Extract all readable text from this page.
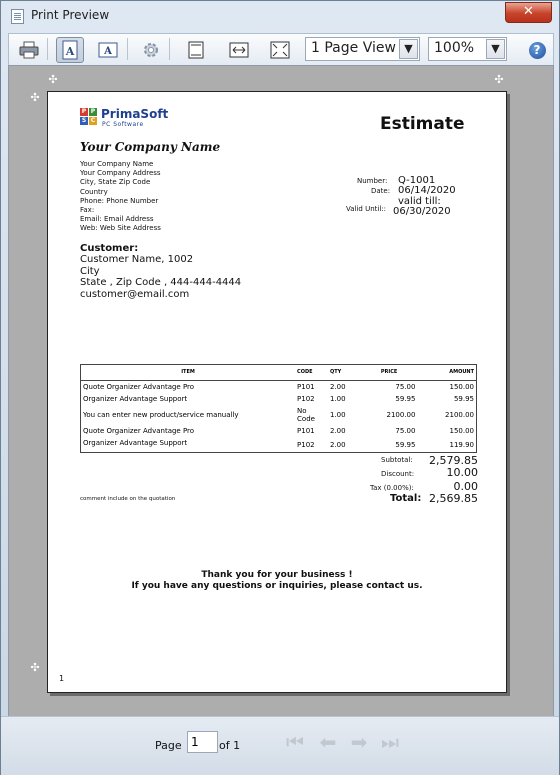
Print Preview	✕
A	A	1 Page View ▼	100%	▼	?
✣	✣
✣
✣
P P
S C PrimaSoft
PC Software	Estimate
Your Company Name
Your Company Name
Your Company Address
City, State Zip Code
Country
Phone: Phone Number
Fax:
Email: Email Address
Web: Web Site Address
Number: Q-1001
Date: 06/14/2020
Valid Until::
valid till:
06/30/2020
Customer:
Customer Name, 1002
City
State , Zip Code , 444-444-4444
customer@email.com
ITEM	CODE	QTY	PRICE	AMOUNT
Quote Organizer Advantage Pro	P101	2.00	75.00	150.00
Organizer Advantage Support	P102	1.00	59.95	59.95
You can enter new product/service manually	No Code	1.00	2100.00	2100.00
Quote Organizer Advantage Pro	P101	2.00	75.00	150.00
Organizer Advantage Support	P102	2.00	59.95	119.90
Subtotal: 2,579.85
Discount:	10.00
Tax (0.00%):	0.00
Total: 2,569.85
comment include on the quotation
Thank you for your business !
If you have any questions or inquiries, please contact us.
1
Page 1	of 1 ⏮ ⬅ ➡ ⏭
